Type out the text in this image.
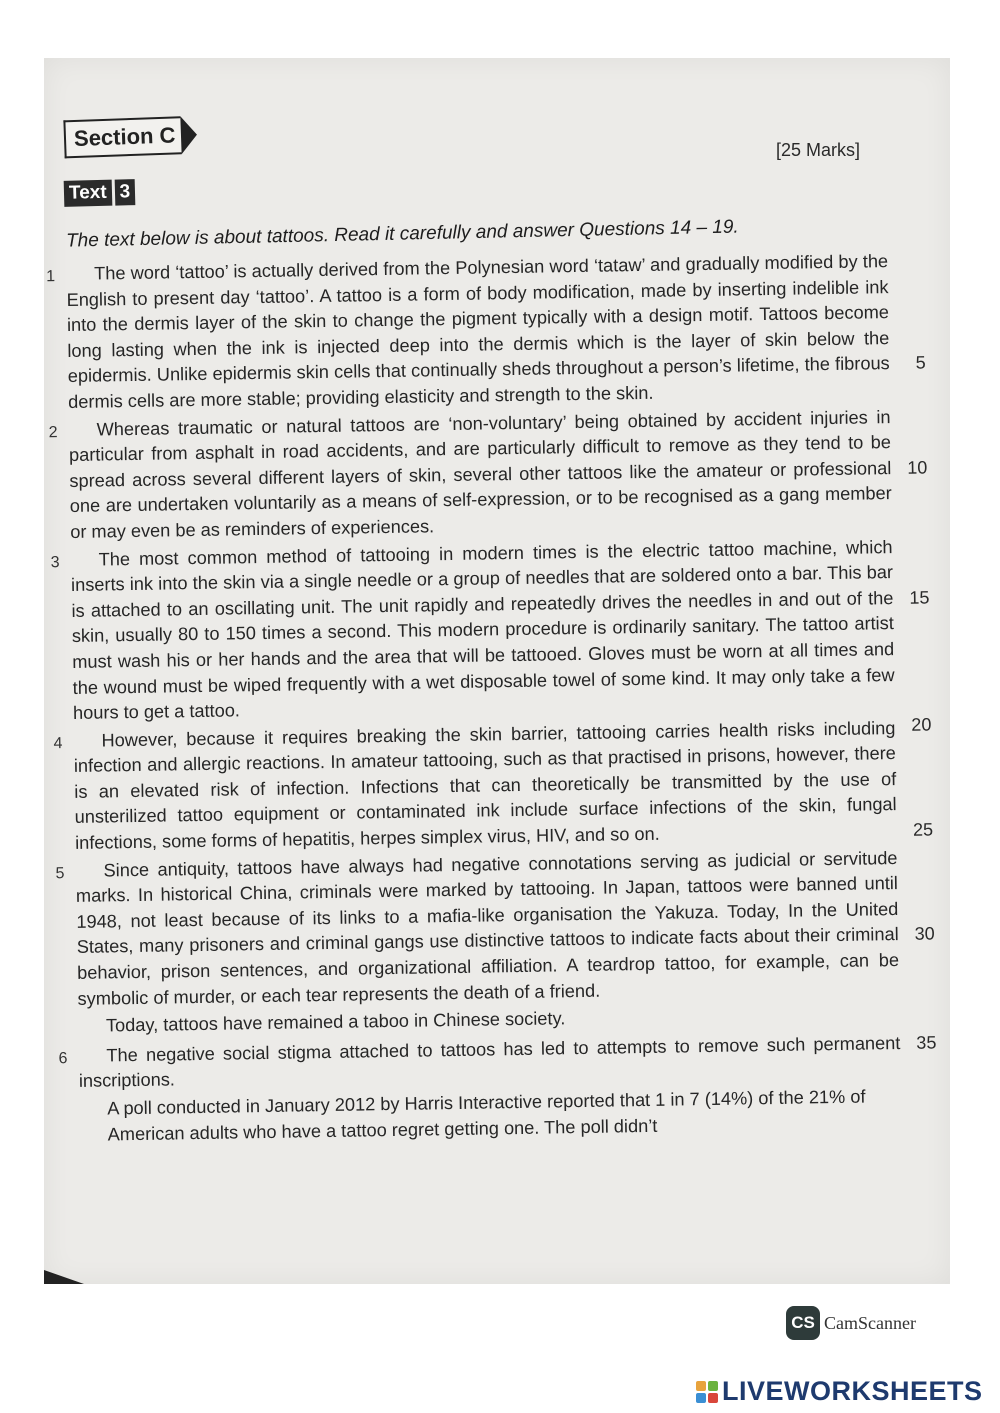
Section C	[25 Marks]
Text 3
The text below is about tattoos. Read it carefully and answer Questions 14 – 19.

1 The word ‘tattoo’ is actually derived from the Polynesian word ‘tataw’ and gradually modified by the English to present day ‘tattoo’. A tattoo is a form of body modification, made by inserting indelible ink into the dermis layer of the skin to change the pigment typically with a design motif. Tattoos become long lasting when the ink is injected deep into the dermis which is the layer of skin below the epidermis. Unlike epidermis skin cells that continually sheds throughout a person’s lifetime, the fibrous dermis cells are more stable; providing elasticity and strength to the skin.
5

2 Whereas traumatic or natural tattoos are ‘non-voluntary’ being obtained by accident injuries in particular from asphalt in road accidents, and are particularly difficult to remove as they tend to be spread across several different layers of skin, several other tattoos like the amateur or professional one are undertaken voluntarily as a means of self-expression, or to be recognised as a gang member or may even be as reminders of experiences.
10

3 The most common method of tattooing in modern times is the electric tattoo machine, which inserts ink into the skin via a single needle or a group of needles that are soldered onto a bar. This bar is attached to an oscillating unit. The unit rapidly and repeatedly drives the needles in and out of the skin, usually 80 to 150 times a second. This modern procedure is ordinarily sanitary. The tattoo artist must wash his or her hands and the area that will be tattooed. Gloves must be worn at all times and the wound must be wiped frequently with a wet disposable towel of some kind. It may only take a few hours to get a tattoo.
15
20

4 However, because it requires breaking the skin barrier, tattooing carries health risks including infection and allergic reactions. In amateur tattooing, such as that practised in prisons, however, there is an elevated risk of infection. Infections that can theoretically be transmitted by the use of unsterilized tattoo equipment or contaminated ink include surface infections of the skin, fungal infections, some forms of hepatitis, herpes simplex virus, HIV, and so on.	25

5 Since antiquity, tattoos have always had negative connotations serving as judicial or servitude marks. In historical China, criminals were marked by tattooing. In Japan, tattoos were banned until 1948, not least because of its links to a mafia-like organisation the Yakuza. Today, In the United States, many prisoners and criminal gangs use distinctive tattoos to indicate facts about their criminal behavior, prison sentences, and organizational affiliation. A teardrop tattoo, for example, can be symbolic of murder, or each tear represents the death of a friend.
30

Today, tattoos have remained a taboo in Chinese society.

6 The negative social stigma attached to tattoos has led to attempts to remove such permanent inscriptions.
35

A poll conducted in January 2012 by Harris Interactive reported that 1 in 7 (14%) of the 21% of American adults who have a tattoo regret getting one. The poll didn’t

CS CamScanner
LIVEWORKSHEETS
